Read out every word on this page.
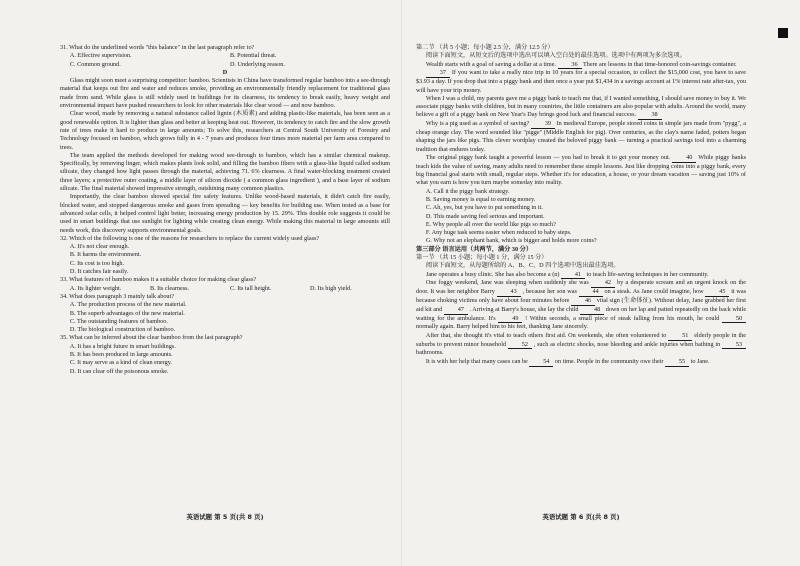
31. What do the underlined words "this balance" in the last paragraph refer to?

A. Effective supervision.	B. Potential threat.
C. Common ground.	D. Underlying reason.

D

Glass might soon meet a surprising competitor: bamboo. Scientists in China have transformed regular bamboo into a see-through material that keeps out fire and water and reduces smoke, providing an environmentally friendly replacement for traditional glass made from sand. While glass is still widely used in buildings for its clearness, its tendency to break easily, heavy weight and environmental impact have pushed researchers to look for other materials like clear wood — and now bamboo.

Clear wood, made by removing a natural substance called lignin (木质素) and adding plastic-like materials, has been seen as a good renewable option. It is lighter than glass and better at keeping heat out. However, its tendency to catch fire and the slow growth rate of trees make it hard to produce in large amounts; To solve this, researchers at Central South University of Forestry and Technology focused on bamboo, which grows fully in 4 - 7 years and produces four times more material per farm area compared to trees.

The team applied the methods developed for making wood see-through to bamboo, which has a similar chemical makeup. Specifically, by removing linger, which makes plants look solid, and filling the bamboo fibers with a glass-like liquid called sodium silicate, they changed how light passes through the material, achieving 71. 6% clearness. A final water-blocking treatment created three layers; a protective outer coating, a middle layer of silicon dioxide ( a common glass ingredient ), and a base layer of sodium silicate. The final material showed impressive strength, outshining many common plastics.

Importantly, the clear bamboo showed special fire safety features. Unlike wood-based materials, it didn't catch fire easily, blocked water, and stopped dangerous smoke and gases from spreading — key benefits for building use. When tested as a base for advanced solar cells, it helped control light better, increasing energy production by 15. 29%. This double role suggests it could be used in smart buildings that use sunlight for lighting while creating clean energy. While making this material in large amounts still needs work, this discovery supports environmental goals.

32. Which of the following is one of the reasons for researchers to replace the current widely used glass?

A. It's not clear enough.

B. It harms the environment.

C. Its cost is too high.

D. It catches fair easily.

33. What features of bamboo makes it a suitable choice for making clear glass?

A. Its lighter weight.	B. Its clearness.	C. Its tall height.	D. Its high yield.

34. What does paragraph 3 mainly talk about?

A. The production process of the new material.

B. The superb advantages of the new material.

C. The outstanding features of bamboo.

D. The biological construction of bamboo.

35. What can be inferred about the clear bamboo from the last paragraph?

A. It has a bright future in smart buildings.

B. It has been produced in large amounts.

C. It may serve as a kind of clean energy.

D. It can clear off the poisonous smoke.

第二节 （共 5 小题；每小题 2.5 分，满分 12.5 分）

阅读下面短文，从短文后的选项中选出可以填入空白处的最佳选项。选项中有两项为多余选项。

Wealth starts with a goal of saving a dollar at a time. 36 There are lessons in that time-honored coin-savings container.

37 If you want to take a really nice trip in 10 years for a special occasion, to collect the $15,000 cost, you have to save $3.93 a day. If you drop that into a piggy bank and then once a year put $1,434 in a savings account at 1% interest rate after-tax, you will have your trip money.

When I was a child, my parents gave me a piggy bank to teach me that, if I wanted something, I should save money to buy it. We associate piggy banks with children, but in many countries, the little containers are also popular with adults. Around the world, many believe a gift of a piggy bank on New Year's Day brings good luck and financial success. 38

Why is a pig used as a symbol of saving?	39 In medieval Europe, people stored coins in simple jars made from "pygg", a cheap orange clay. The word sounded like "pigge" (Middle English for pig). Over centuries, as the clay's name faded, potters began shaping the jars like pigs. This clever wordplay created the beloved piggy bank — turning a practical savings tool into a charming tradition that endures today.

The original piggy bank taught a powerful lesson — you had to break it to get your money out.	40 While piggy banks teach kids the value of saving, many adults need to remember these simple lessons. Just like dropping coins into a piggy bank, every big financial goal starts with small, regular steps. Whether it's for education, a house, or your dream vacation — saving just 10% of what you earn is how you turn maybe someday into reality.

A. Call it the piggy bank strategy.

B. Saving money is equal to earning money.

C. Ah, yes, but you have to put something in it.

D. This made saving feel serious and important.

E. Why people all over the world like pigs so much?

F. Any huge task seems easier when reduced to baby steps.

G. Why not an elephant bank, which is bigger and holds more coins?

第三部分 语言运用（共两节，满分 30 分）

第一节 （共 15 小题；每小题 1 分，满分 15 分）

阅读下面短文，从每题所给的 A、B、C、D 四个选项中选出最佳选项。

Jane operates a busy clinic. She has also become a (n) 41 to teach life-saving techniques in her community.

One foggy weekend, Jane was sleeping when suddenly she was	42 by a desperate scream and an urgent knock on the door. It was her neighbor Barry	43 , because her son was	44 on a steak. As Jane could imagine, how	45 it was because choking victims only have about four minutes before	46 vital sign (生命体征). Without delay, Jane grabbed her first aid kit and 47 . Arriving at Barry's house, she lay the child 48 down on her lap and patted repeatedly on the back while waiting for the ambulance. It's	49 ! Within seconds, a small piece of steak falling from his mouth, he could	50 normally again. Barry helped him to his feet, thanking Jane sincerely.

After that, she thought it's vital to teach others first aid. On weekends, she often volunteered to	51 elderly people in the suburbs to prevent minor household	52 , such as electric shocks, nose bleeding and ankle injuries when bathing in	53 bathrooms.

It is with her help that many cases can be 54 on time. People in the community owe their 55 to Jane.

英语试题 第 5 页(共 8 页)	英语试题 第 6 页(共 8 页)
